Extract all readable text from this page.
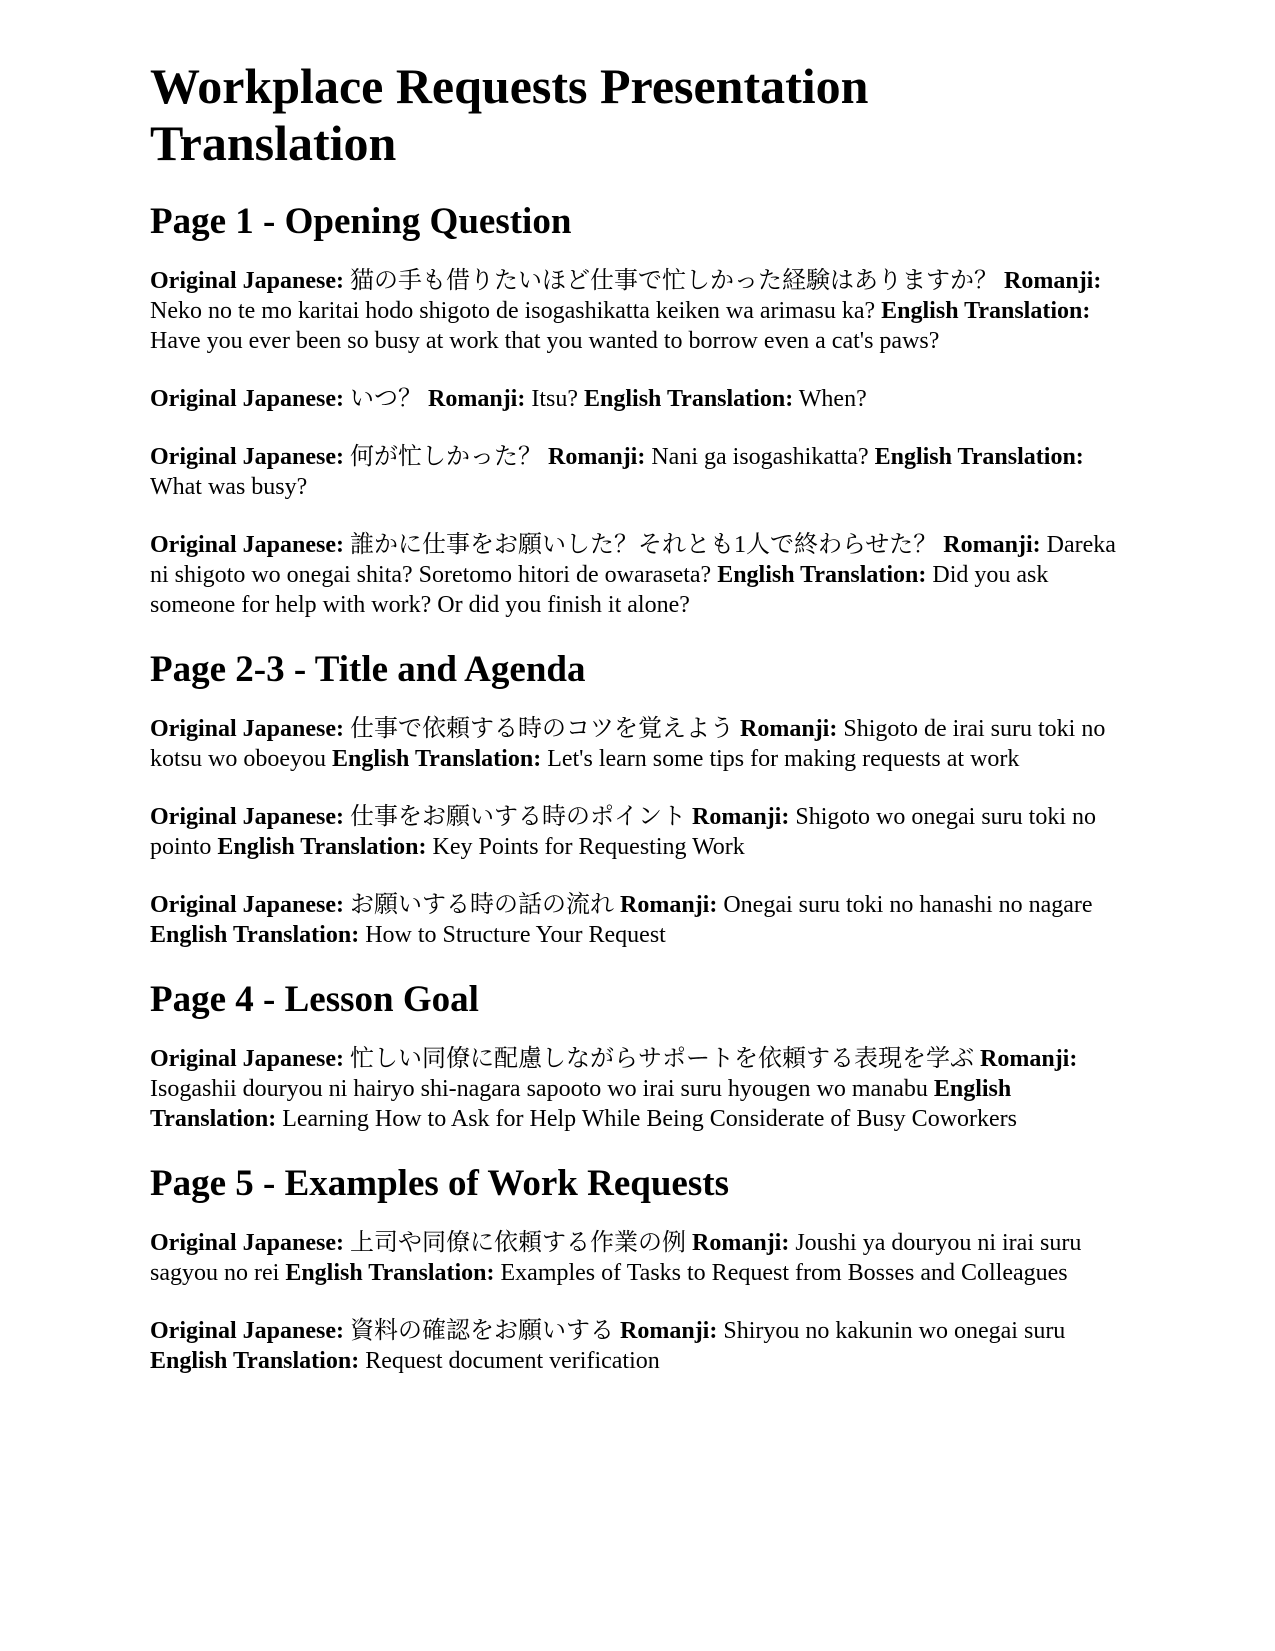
Workplace Requests Presentation Translation
Page 1 - Opening Question

Original Japanese: 猫の手も借りたいほど仕事で忙しかった経験はありますか？ Romanji: Neko no te mo karitai hodo shigoto de isogashikatta keiken wa arimasu ka? English Translation: Have you ever been so busy at work that you wanted to borrow even a cat's paws?

Original Japanese: いつ？ Romanji: Itsu? English Translation: When?

Original Japanese: 何が忙しかった？ Romanji: Nani ga isogashikatta? English Translation: What was busy?

Original Japanese: 誰かに仕事をお願いした？それとも1人で終わらせた？ Romanji: Dareka ni shigoto wo onegai shita? Soretomo hitori de owaraseta? English Translation: Did you ask someone for help with work? Or did you finish it alone?

Page 2-3 - Title and Agenda

Original Japanese: 仕事で依頼する時のコツを覚えよう Romanji: Shigoto de irai suru toki no kotsu wo oboeyou English Translation: Let's learn some tips for making requests at work

Original Japanese: 仕事をお願いする時のポイント Romanji: Shigoto wo onegai suru toki no pointo English Translation: Key Points for Requesting Work

Original Japanese: お願いする時の話の流れ Romanji: Onegai suru toki no hanashi no nagare English Translation: How to Structure Your Request

Page 4 - Lesson Goal

Original Japanese: 忙しい同僚に配慮しながらサポートを依頼する表現を学ぶ Romanji: Isogashii douryou ni hairyo shi-nagara sapooto wo irai suru hyougen wo manabu English Translation: Learning How to Ask for Help While Being Considerate of Busy Coworkers

Page 5 - Examples of Work Requests

Original Japanese: 上司や同僚に依頼する作業の例 Romanji: Joushi ya douryou ni irai suru sagyou no rei English Translation: Examples of Tasks to Request from Bosses and Colleagues

Original Japanese: 資料の確認をお願いする Romanji: Shiryou no kakunin wo onegai suru English Translation: Request document verification
